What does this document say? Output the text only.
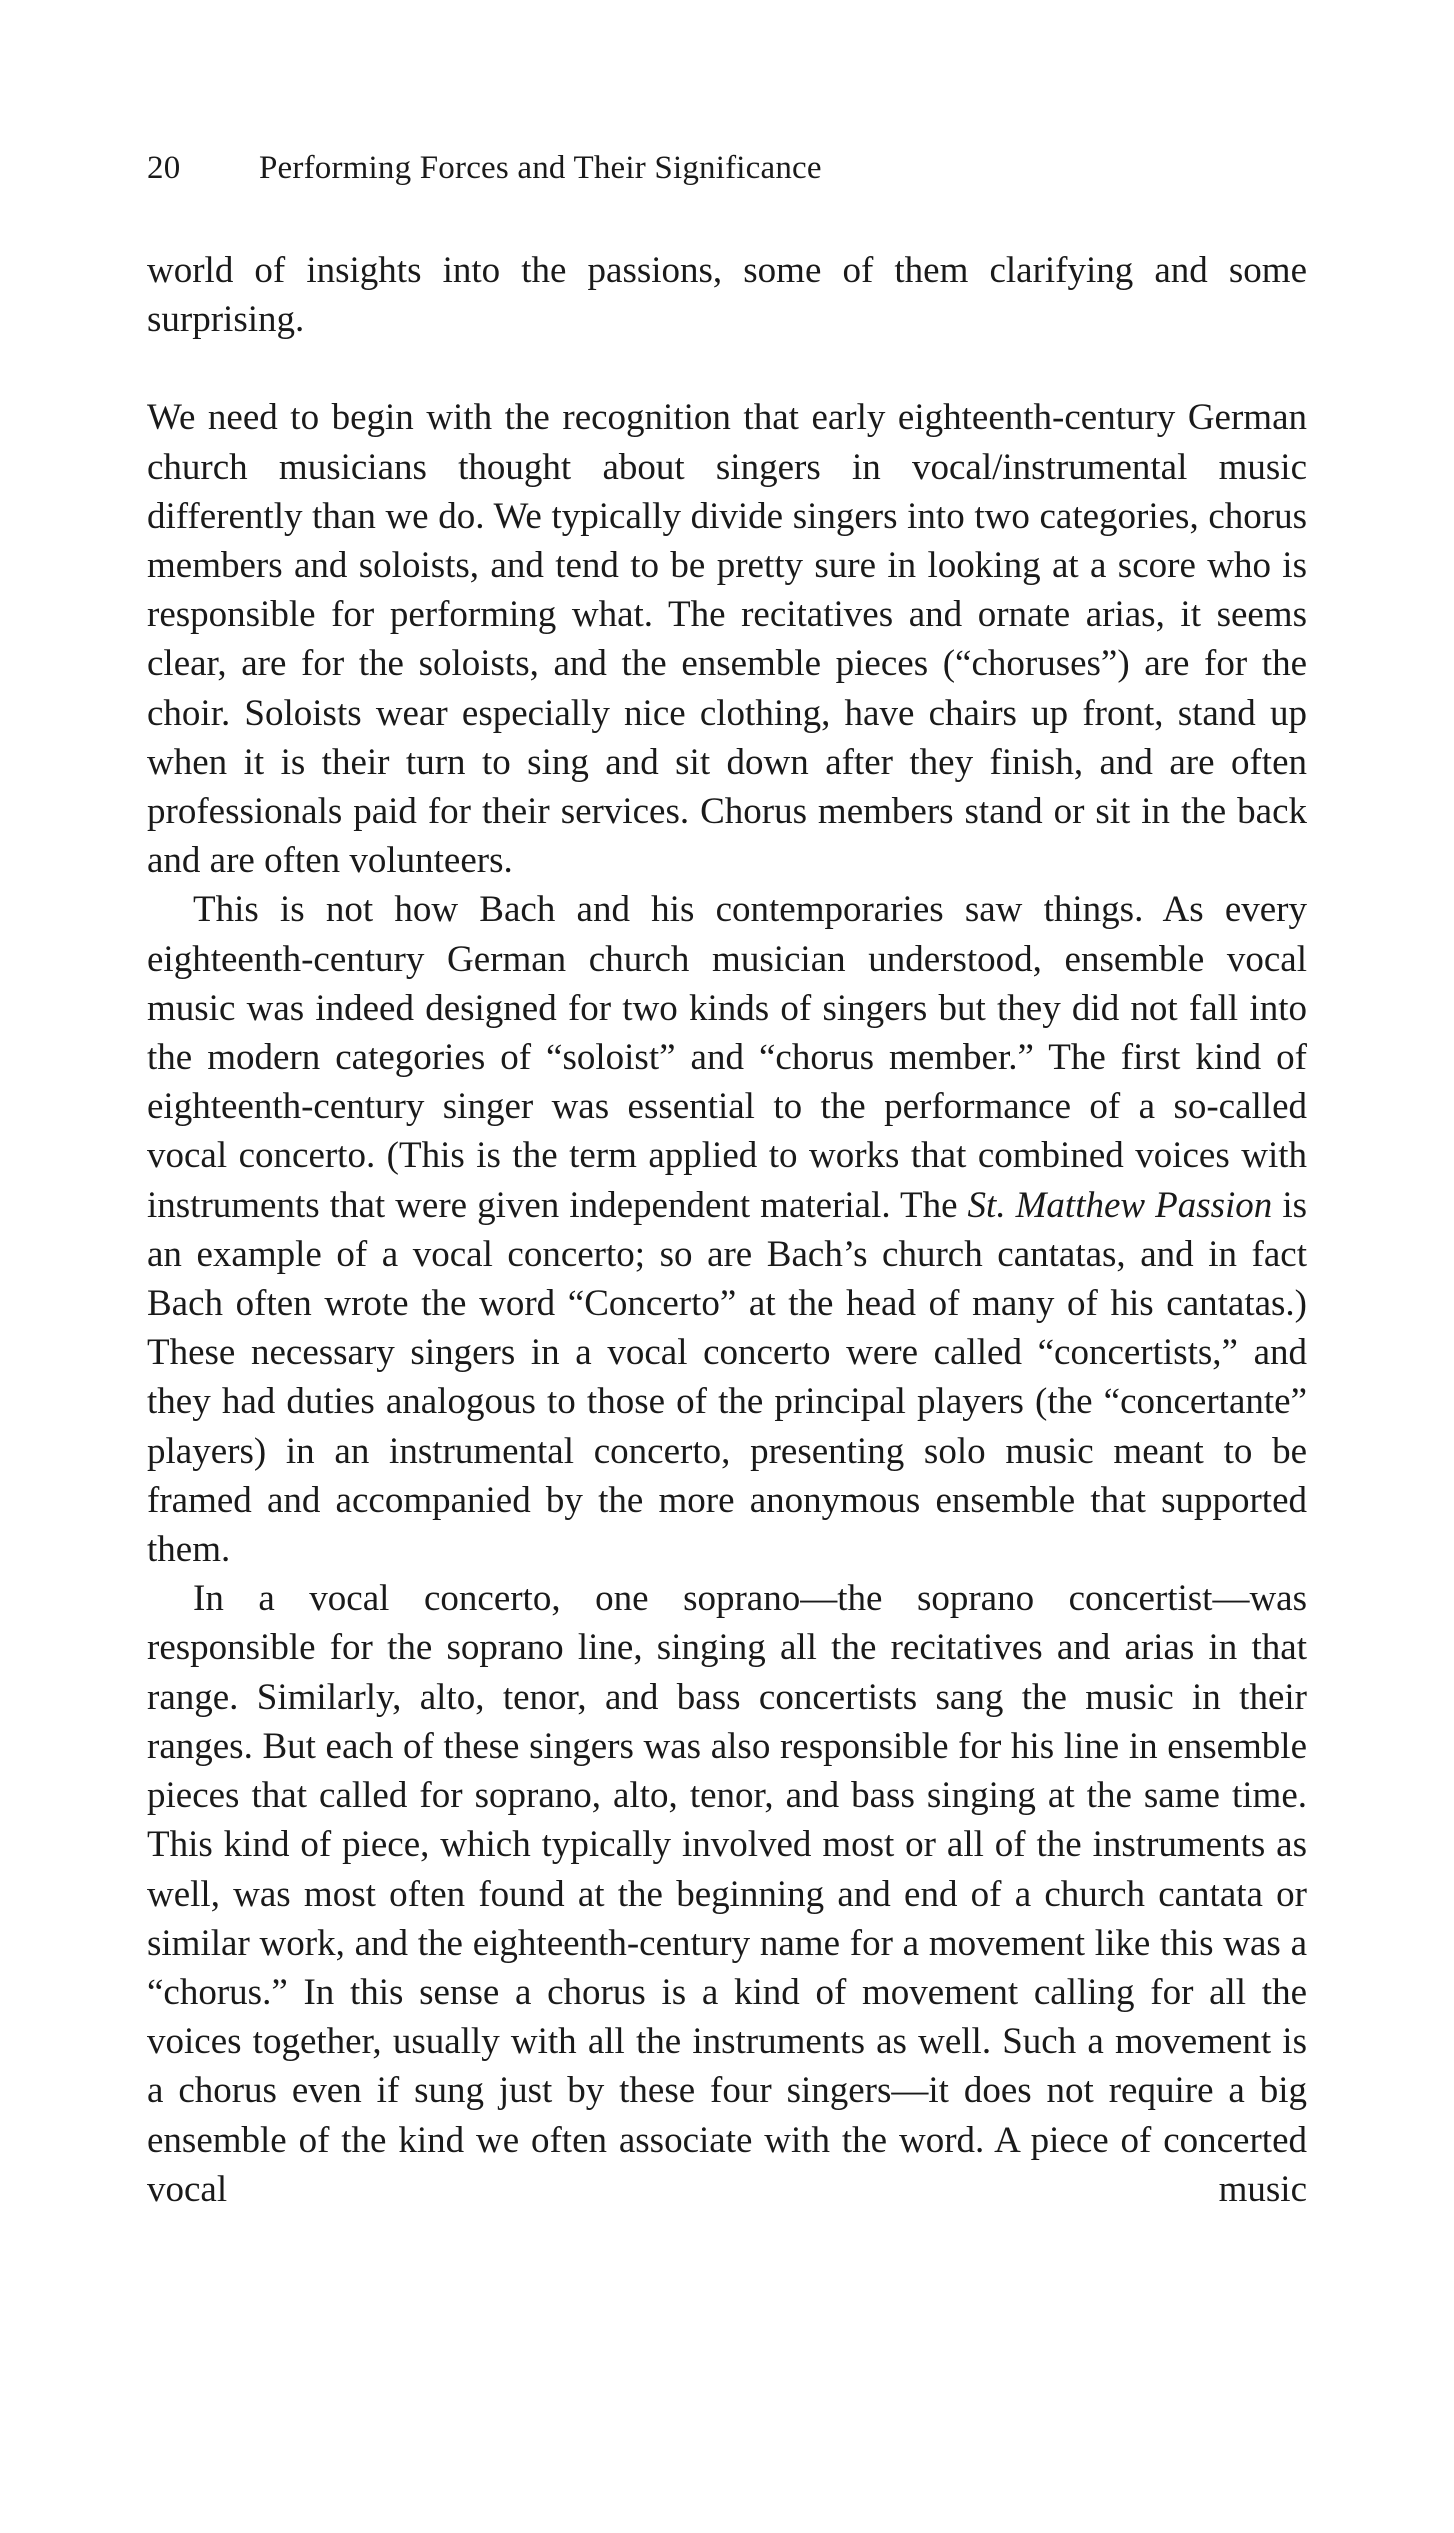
20 Performing Forces and Their Significance

world of insights into the passions, some of them clarifying and some surprising.

We need to begin with the recognition that early eighteenth-century German church musicians thought about singers in vocal/instrumental music differently than we do. We typically divide singers into two categories, chorus members and soloists, and tend to be pretty sure in looking at a score who is responsible for performing what. The recitatives and ornate arias, it seems clear, are for the soloists, and the ensemble pieces (“choruses”) are for the choir. Soloists wear especially nice clothing, have chairs up front, stand up when it is their turn to sing and sit down after they finish, and are often professionals paid for their services. Chorus members stand or sit in the back and are often volunteers.

This is not how Bach and his contemporaries saw things. As every eighteenth-century German church musician understood, ensemble vocal music was indeed designed for two kinds of singers but they did not fall into the modern categories of “soloist” and “chorus member.” The first kind of eighteenth-century singer was essential to the performance of a so-called vocal concerto. (This is the term applied to works that combined voices with instruments that were given independent material. The St. Matthew Passion is an example of a vocal concerto; so are Bach’s church cantatas, and in fact Bach often wrote the word “Concerto” at the head of many of his cantatas.) These necessary singers in a vocal concerto were called “concertists,” and they had duties analogous to those of the principal players (the “concertante” players) in an instrumental concerto, presenting solo music meant to be framed and accompanied by the more anonymous ensemble that supported them.

In a vocal concerto, one soprano—the soprano concertist—was responsible for the soprano line, singing all the recitatives and arias in that range. Similarly, alto, tenor, and bass concertists sang the music in their ranges. But each of these singers was also responsible for his line in ensemble pieces that called for soprano, alto, tenor, and bass singing at the same time. This kind of piece, which typically involved most or all of the instruments as well, was most often found at the beginning and end of a church cantata or similar work, and the eighteenth-century name for a movement like this was a “chorus.” In this sense a chorus is a kind of movement calling for all the voices together, usually with all the instruments as well. Such a movement is a chorus even if sung just by these four singers—it does not require a big ensemble of the kind we often associate with the word. A piece of concerted vocal music
